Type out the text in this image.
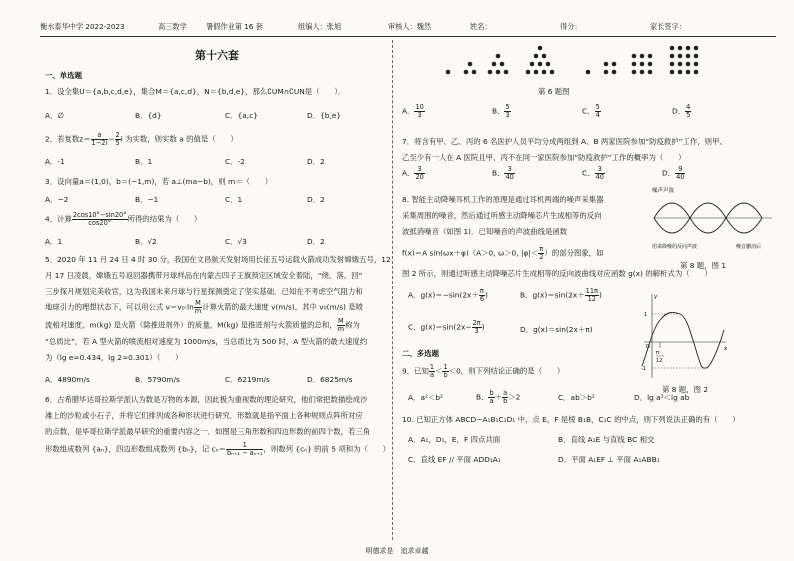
衡水泰华中学 2022-2023	高三数学	暑假作业第 16 套	组编人：张旭	审核人：魏然	姓名：	得分：	家长签字：
第十六套
一、单选题
1．设全集U＝{a,b,c,d,e}，集合M＝{a,c,d}，N＝{b,d,e}，那么∁UM∩∁UN是（　　）．
A．∅	B．{d}	C．{a,c}	D．{b,e}
2．若复数$z= \frac{a}{1-2i} - \frac{2}{5}$ i 为实数，则实数 a 的值是（　　）
A．-1	B．1	C．-2	D．2
3．设向量a＝(1,0)，b＝(−1,m)，若 a⊥(ma−b)，则 m＝（　　）
A．−2	B．−1	C．1	D．2
4．计算 $\frac{2\cos 10^\circ-\sin 20^\circ}{\cos 20^\circ}$ 所得的结果为（　　）
A．1	B．√2	C．√3	D．2
5．2020 年 11 月 24 日 4 时 30 分，我国在文昌航天发射场用长征五号运载火箭成功发射嫦娥五号，12
月 17 日凌晨，嫦娥五号返回器携带月球样品在内蒙古四子王旗预定区域安全着陆，“绕、落、回”
三步探月规划完美收官，这为我国未来月球与行星探测奠定了坚实基础．已知在不考虑空气阻力和
地球引力的理想状态下，可以用公式 $v=v_0\cdot\ln \frac{M}{m}$ 计算火箭的最大速度 v(m/s)，其中 v₀(m/s) 是喷
流相对速度，m(kg) 是火箭（除推进剂外）的质量，M(kg) 是推进剂与火箭质量的总和， $\frac{M}{m}$ 称为
“总质比”，若 A 型火箭的喷流相对速度为 1000m/s，当总质比为 500 时，A 型火箭的最大速度约
为（lg e≈0.434，lg 2≈0.301）（　　）
A．4890m/s	B．5790m/s	C．6219m/s	D．6825m/s
6．古希腊毕达哥拉斯学派认为数是万物的本源，因此极为重视数的理论研究，他们常把数描绘成沙
滩上的沙粒或小石子，并将它们排列成各种形状进行研究．形数就是指平面上各种规则点阵所对应
的点数，是毕哥拉斯学派最早研究的重要内容之一．如图是三角形数和四边形数的前四个数，若三角
形数组成数列 {aₙ}，四边形数组成数列 {bₙ}，记 $c_n= \frac{1}{\text{bₙ₊₁ − aₙ₊₁}}$ ，则数列 {cₙ} 的前 5 项和为（　　）
第 6 题图
A． $\frac{10}{3}$	B． $\frac{5}{3}$	C． $\frac{5}{4}$	D． $\frac{4}{5}$
7．将含有甲、乙、丙的 6 名医护人员平均分成两组到 A、B 两家医院参加“防疫救护”工作，则甲、
乙至少有一人在 A 医院且甲、丙不在同一家医院参加“防疫救护”工作的概率为（　　）
A． $\frac{3}{20}$	B． $\frac{3}{40}$	C． $\frac{3}{40}$	D． $\frac{9}{40}$
8. 智能主动降噪耳机工作的原理是通过耳机两端的噪声采集器
采集周围的噪音，然后通过听感主动降噪芯片生成相等的反向
波抵消噪音（如图 1)．已知噪音的声波曲线是函数
f(x)＝A sin(ωx＋φ)（A＞0, ω＞0, $|\varphi|< \frac{\pi}{2}$ ）的部分图象，如
噪声声波
用来降噪的反向声波	噪音删消后
第 8 题，图 1
图 2 所示，则通过听感主动降噪芯片生成相等的反向波曲线对应函数 g(x) 的解析式为（　　）
A．$g(x)=-\sin(2x+ \frac{\pi}{6}$ )	B．$g(x)=\sin(2x+ \frac{11\pi}{12}$ )
C．$g(x)=\sin(2x- \frac{2\pi}{3}$ )	D．g(x)＝sin(2x＋π)
x
y
O
1
-1
π
12
第 8 题，图 2
二、多选题
9．已知 $\frac{1}{a} < \frac{1}{b} <0$，则下列结论正确的是（　　）
A．a²＜b²	B． $\frac{b}{a} + \frac{a}{b} >2$	C．ab＞b²	D．lg a²＜lg ab
10. 已知正方体 ABCD−A₁B₁C₁D₁ 中，点 E，F 是棱 B₁B，C₁C 的中点，则下列说法正确的有（　　）
A．A₁，D₁，E，F 四点共面	B．直线 A₁E 与直线 BC 相交
C．直线 EF // 平面 ADD₁A₁	D．平面 A₁EF ⊥ 平面 A₁ABB₁
明德求是　追求卓越
